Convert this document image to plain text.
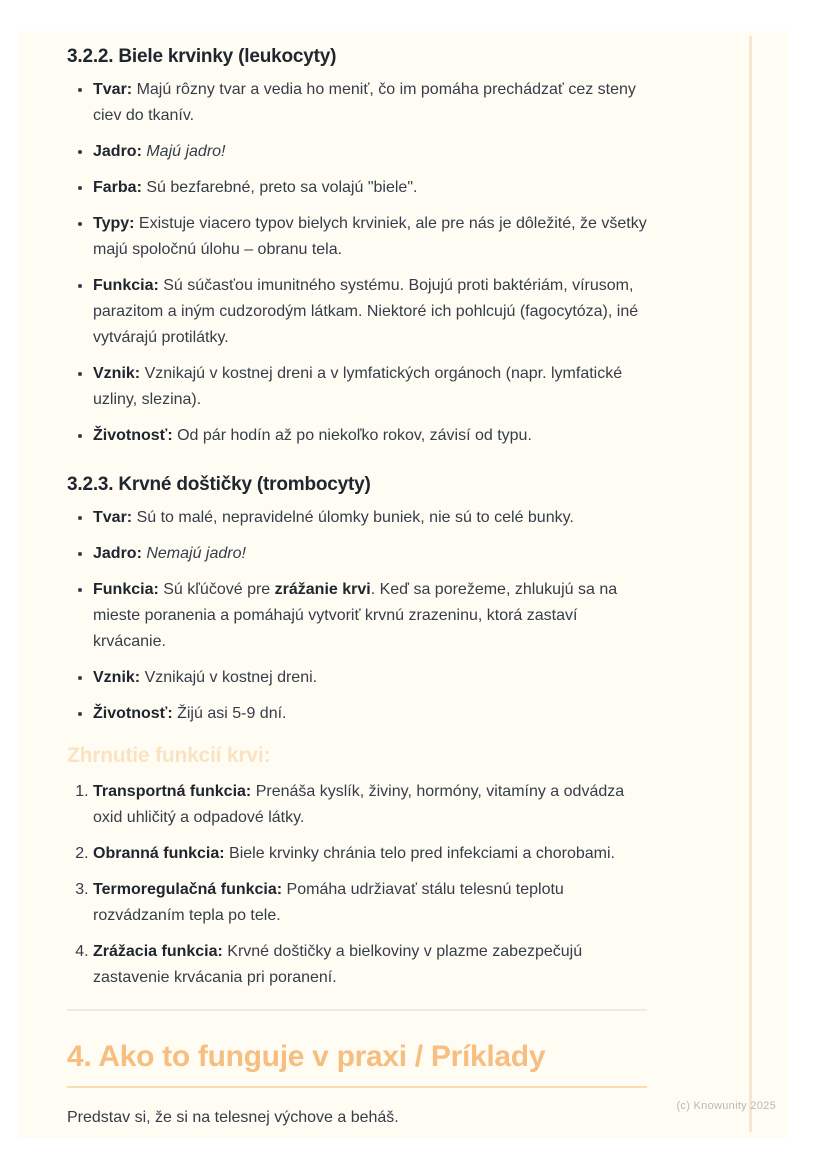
3.2.2. Biele krvinky (leukocyty)
• Tvar: Majú rôzny tvar a vedia ho meniť, čo im pomáha prechádzať cez steny ciev do tkanív.
• Jadro: Majú jadro!
• Farba: Sú bezfarebné, preto sa volajú "biele".
• Typy: Existuje viacero typov bielych krviniek, ale pre nás je dôležité, že všetky majú spoločnú úlohu – obranu tela.
• Funkcia: Sú súčasťou imunitného systému. Bojujú proti baktériám, vírusom, parazitom a iným cudzorodým látkam. Niektoré ich pohlcujú (fagocytóza), iné vytvárajú protilátky.
• Vznik: Vznikajú v kostnej dreni a v lymfatických orgánoch (napr. lymfatické uzliny, slezina).
• Životnosť: Od pár hodín až po niekoľko rokov, závisí od typu.
3.2.3. Krvné doštičky (trombocyty)
• Tvar: Sú to malé, nepravidelné úlomky buniek, nie sú to celé bunky.
• Jadro: Nemajú jadro!
• Funkcia: Sú kľúčové pre zrážanie krvi. Keď sa porežeme, zhlukujú sa na mieste poranenia a pomáhajú vytvoriť krvnú zrazeninu, ktorá zastaví krvácanie.
• Vznik: Vznikajú v kostnej dreni.
• Životnosť: Žijú asi 5-9 dní.
Zhrnutie funkcií krvi:
1. Transportná funkcia: Prenáša kyslík, živiny, hormóny, vitamíny a odvádza oxid uhličitý a odpadové látky.
2. Obranná funkcia: Biele krvinky chránia telo pred infekciami a chorobami.
3. Termoregulačná funkcia: Pomáha udržiavať stálu telesnú teplotu rozvádzaním tepla po tele.
4. Zrážacia funkcia: Krvné doštičky a bielkoviny v plazme zabezpečujú zastavenie krvácania pri poranení.
4. Ako to funguje v praxi / Príklady

Predstav si, že si na telesnej výchove a beháš.

(c) Knowunity 2025
